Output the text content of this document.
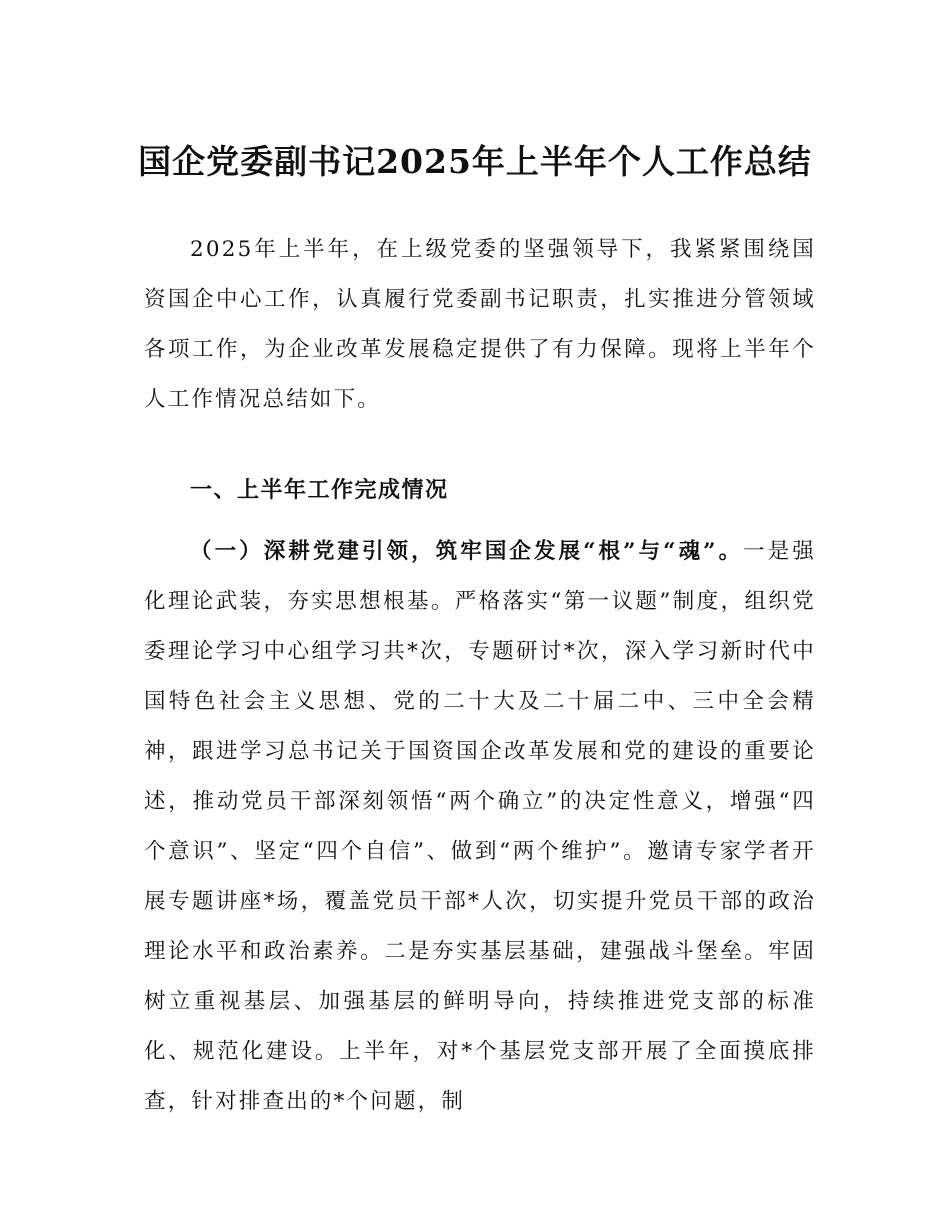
国企党委副书记2025年上半年个人工作总结

2025年上半年，在上级党委的坚强领导下，我紧紧围绕国资国企中心工作，认真履行党委副书记职责，扎实推进分管领域各项工作，为企业改革发展稳定提供了有力保障。现将上半年个人工作情况总结如下。

一、上半年工作完成情况

（一）深耕党建引领，筑牢国企发展“根”与“魂”。一是强化理论武装，夯实思想根基。严格落实“第一议题”制度，组织党委理论学习中心组学习共*次，专题研讨*次，深入学习新时代中国特色社会主义思想、党的二十大及二十届二中、三中全会精神，跟进学习总书记关于国资国企改革发展和党的建设的重要论述，推动党员干部深刻领悟“两个确立”的决定性意义，增强“四个意识”、坚定“四个自信”、做到“两个维护”。邀请专家学者开展专题讲座*场，覆盖党员干部*人次，切实提升党员干部的政治理论水平和政治素养。二是夯实基层基础，建强战斗堡垒。牢固树立重视基层、加强基层的鲜明导向，持续推进党支部的标准化、规范化建设。上半年，对*个基层党支部开展了全面摸底排查，针对排查出的*个问题，制
